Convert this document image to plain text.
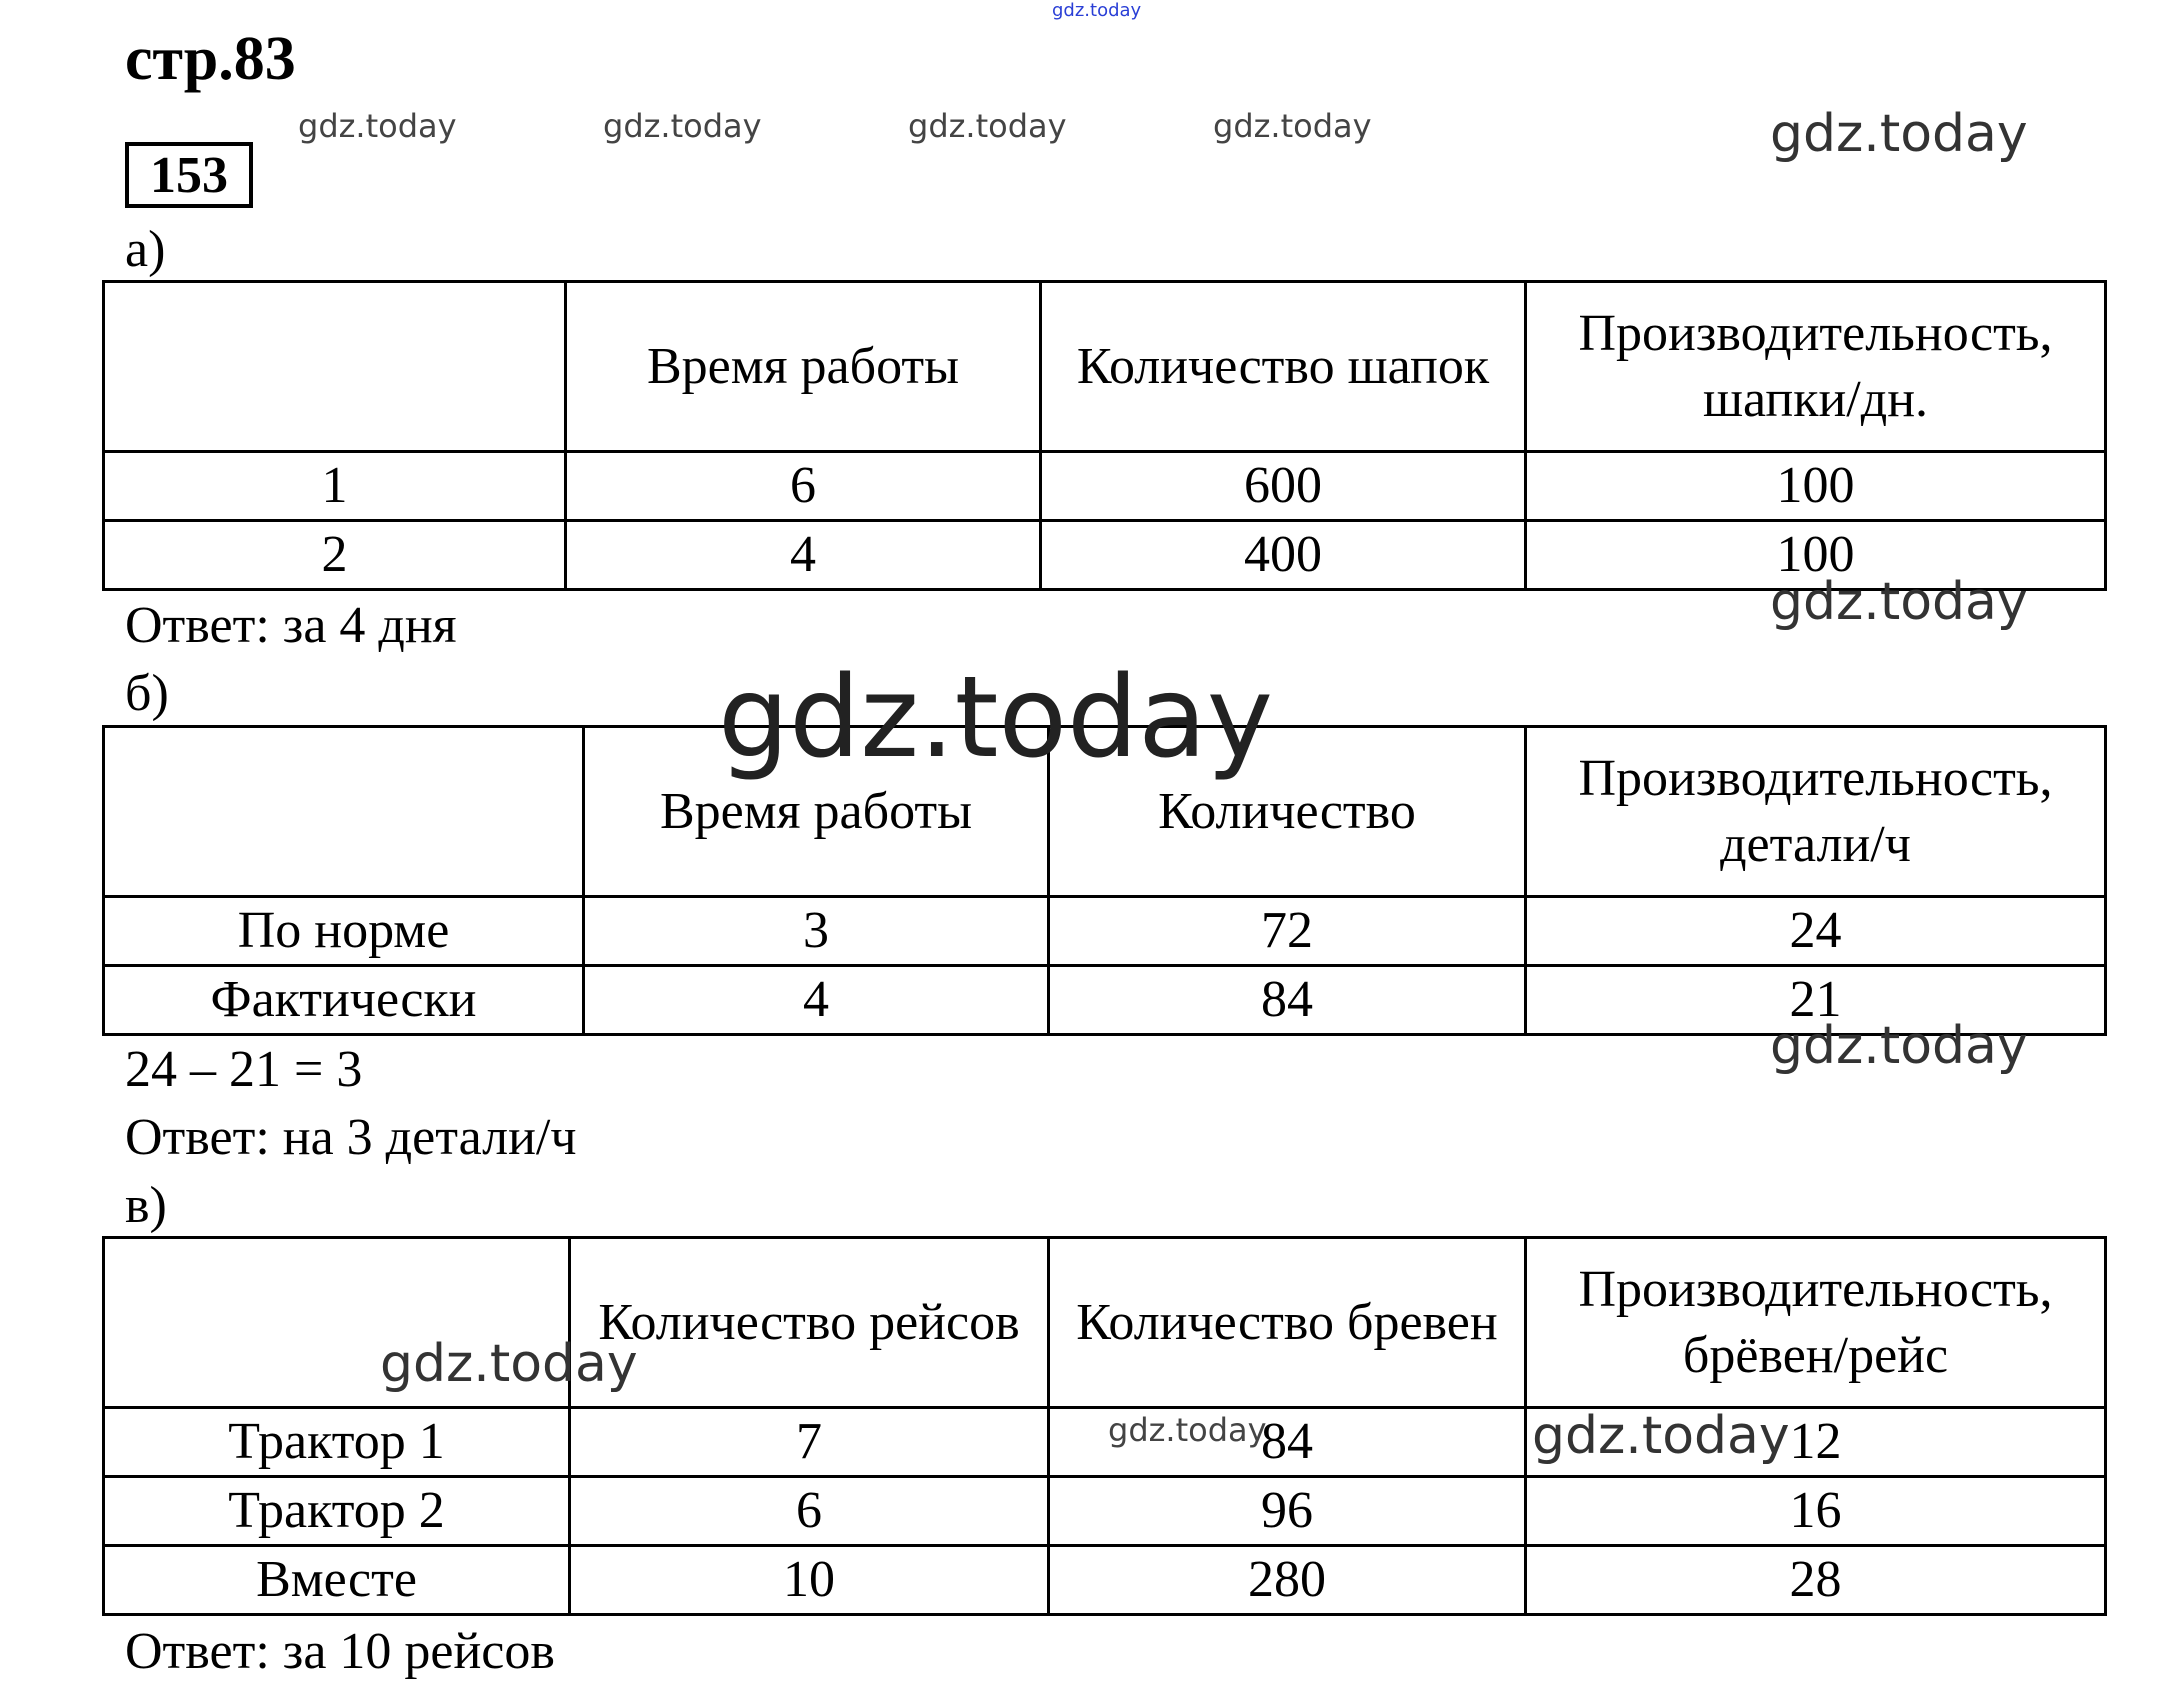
gdz.today
стр.83
153
gdz.today	gdz.today	gdz.today	gdz.today	gdz.today
а)
	Время работы	Количество шапок	Производительность, шапки/дн.
1	6	600	100
2	4	400	100
Ответ: за 4 дня	gdz.today
б)
	Время работы	Количество	Производительность, детали/ч
По норме	3	72	24
Фактически	4	84	21
gdz.today
24 – 21 = 3
Ответ: на 3 детали/ч
gdz.today
в)
	Количество рейсов	Количество бревен	Производительность, брёвен/рейс
Трактор 1	7	84	12
Трактор 2	6	96	16
Вместе	10	280	28
gdz.today
gdz.today	gdz.today
Ответ: за 10 рейсов
